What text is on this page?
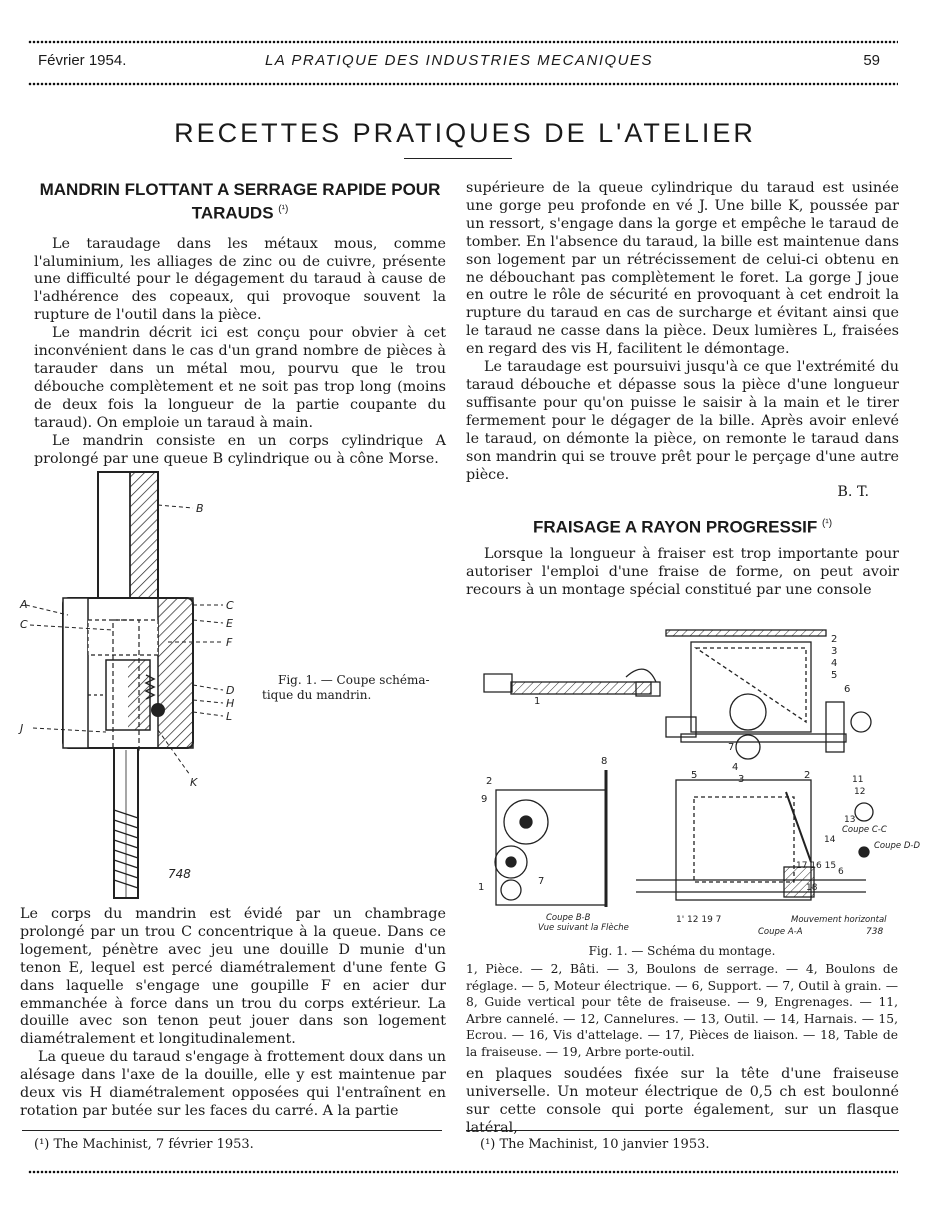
Février 1954.	LA PRATIQUE DES INDUSTRIES MECANIQUES	59
RECETTES PRATIQUES DE L'ATELIER
MANDRIN FLOTTANT A SERRAGE RAPIDE POUR TARAUDS $^{(^1)}$

Le taraudage dans les métaux mous, comme l'aluminium, les alliages de zinc ou de cuivre, présente une difficulté pour le dégagement du taraud à cause de l'adhérence des copeaux, qui provoque souvent la rupture de l'outil dans la pièce.

Le mandrin décrit ici est conçu pour obvier à cet inconvénient dans le cas d'un grand nombre de pièces à tarauder dans un métal mou, pourvu que le trou débouche complètement et ne soit pas trop long (moins de deux fois la longueur de la partie coupante du taraud). On emploie un taraud à main.

Le mandrin consiste en un corps cylindrique A prolongé par une queue B cylindrique ou à cône Morse.

B
A
C
C
E
F
D
H
L
J
K
748
Fig. 1. — Coupe schéma-
tique du mandrin.

Le corps du mandrin est évidé par un chambrage prolongé par un trou C concentrique à la queue. Dans ce logement, pénètre avec jeu une douille D munie d'un tenon E, lequel est percé diamétralement d'une fente G dans laquelle s'engage une goupille F en acier dur emmanchée à force dans un trou du corps extérieur. La douille avec son tenon peut jouer dans son logement diamétralement et longitudinalement.

La queue du taraud s'engage à frottement doux dans un alésage dans l'axe de la douille, elle y est maintenue par deux vis H diamétralement opposées qui l'entraînent en rotation par butée sur les faces du carré. A la partie

supérieure de la queue cylindrique du taraud est usinée une gorge peu profonde en vé J. Une bille K, poussée par un ressort, s'engage dans la gorge et empêche le taraud de tomber. En l'absence du taraud, la bille est maintenue dans son logement par un rétrécissement de celui-ci obtenu en ne débouchant pas complètement le foret. La gorge J joue en outre le rôle de sécurité en provoquant à cet endroit la rupture du taraud en cas de surcharge et évitant ainsi que le taraud ne casse dans la pièce. Deux lumières L, fraisées en regard des vis H, facilitent le démontage.

Le taraudage est poursuivi jusqu'à ce que l'extrémité du taraud débouche et dépasse sous la pièce d'une longueur suffisante pour qu'on puisse le saisir à la main et le tirer fermement pour le dégager de la bille. Après avoir enlevé le taraud, on démonte la pièce, on remonte le taraud dans son mandrin qui se trouve prêt pour le perçage d'une autre pièce.

B. T.
FRAISAGE A RAYON PROGRESSIF $^{(^1)}$

Lorsque la longueur à fraiser est trop importante pour autoriser l'emploi d'une fraise de forme, on peut avoir recours à un montage spécial constitué par une console

1
2
3
4
5
6
7
8
2
9
1
7
5
4
3	2
14
17 16 15
6
18
1' 12 19 7
11
12
13
Coupe B-B
Vue suivant la Flèche	Coupe A-A
Coupe C-C
Coupe D-D
Mouvement horizontal
738
Fig. 1. — Schéma du montage.
1, Pièce. — 2, Bâti. — 3, Boulons de serrage. — 4, Boulons de réglage. — 5, Moteur électrique. — 6, Support. — 7, Outil à grain. — 8, Guide vertical pour tête de fraiseuse. — 9, Engrenages. — 11, Arbre cannelé. — 12, Cannelures. — 13, Outil. — 14, Harnais. — 15, Ecrou. — 16, Vis d'attelage. — 17, Pièces de liaison. — 18, Table de la fraiseuse. — 19, Arbre porte-outil.

en plaques soudées fixée sur la tête d'une fraiseuse universelle. Un moteur électrique de 0,5 ch est boulonné sur cette console qui porte également, sur un flasque latéral,

(¹) The Machinist, 7 février 1953.	(¹) The Machinist, 10 janvier 1953.
